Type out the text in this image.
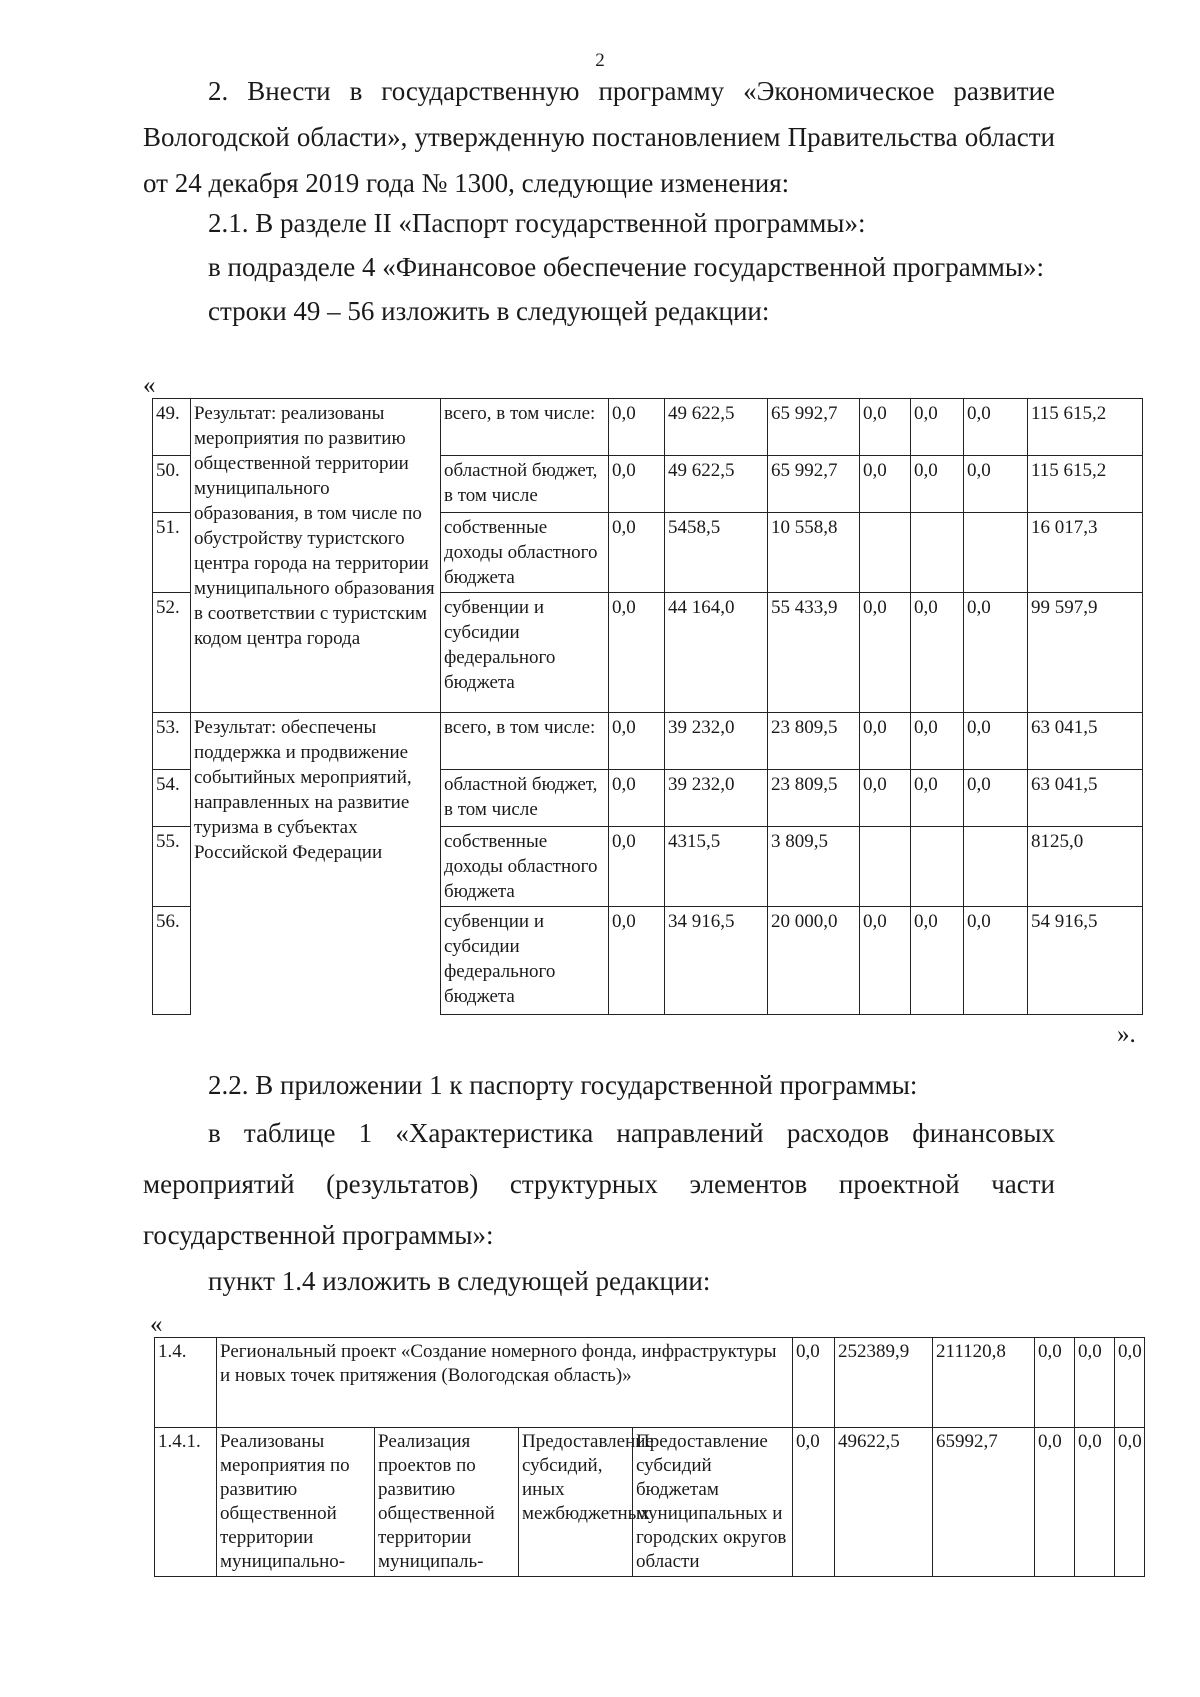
2

2. Внести в государственную программу «Экономическое развитие Вологодской области», утвержденную постановлением Правительства области от 24 декабря 2019 года № 1300, следующие изменения:

2.1. В разделе II «Паспорт государственной программы»:

в подразделе 4 «Финансовое обеспечение государственной программы»:

строки 49 – 56 изложить в следующей редакции:

«
49.	Результат: реализованы мероприятия по развитию общественной территории муниципального образования, в том числе по обустройству туристского центра города на территории муниципального образования в соответствии с туристским кодом центра города	всего, в том числе:	0,0	49 622,5	65 992,7	0,0	0,0	0,0	115 615,2
50.		областной бюджет, в том числе	0,0	49 622,5	65 992,7	0,0	0,0	0,0	115 615,2
51.		собственные доходы областного бюджета	0,0	5458,5	10 558,8				16 017,3
52.		субвенции и субсидии федерального бюджета	0,0	44 164,0	55 433,9	0,0	0,0	0,0	99 597,9
53.	Результат: обеспечены поддержка и продвижение событийных мероприятий, направленных на развитие туризма в субъектах Российской Федерации	всего, в том числе:	0,0	39 232,0	23 809,5	0,0	0,0	0,0	63 041,5
54.		областной бюджет, в том числе	0,0	39 232,0	23 809,5	0,0	0,0	0,0	63 041,5
55.		собственные доходы областного бюджета	0,0	4315,5	3 809,5				8125,0
56.		субвенции и субсидии федерального бюджета	0,0	34 916,5	20 000,0	0,0	0,0	0,0	54 916,5
».

2.2. В приложении 1 к паспорту государственной программы:

в таблице 1 «Характеристика направлений расходов финансовых мероприятий (результатов) структурных элементов проектной части государственной программы»:

пункт 1.4 изложить в следующей редакции:

«
1.4.	Региональный проект «Создание номерного фонда, инфраструктуры и новых точек притяжения (Вологодская область)»				0,0	252389,9	211120,8	0,0	0,0	0,0
1.4.1.	Реализованы мероприятия по развитию общественной территории муниципально-	Реализация проектов по развитию общественной территории муниципаль-	Предоставление субсидий, иных межбюджетных	Предоставление субсидий бюджетам муниципальных и городских округов области	0,0	49622,5	65992,7	0,0	0,0	0,0
